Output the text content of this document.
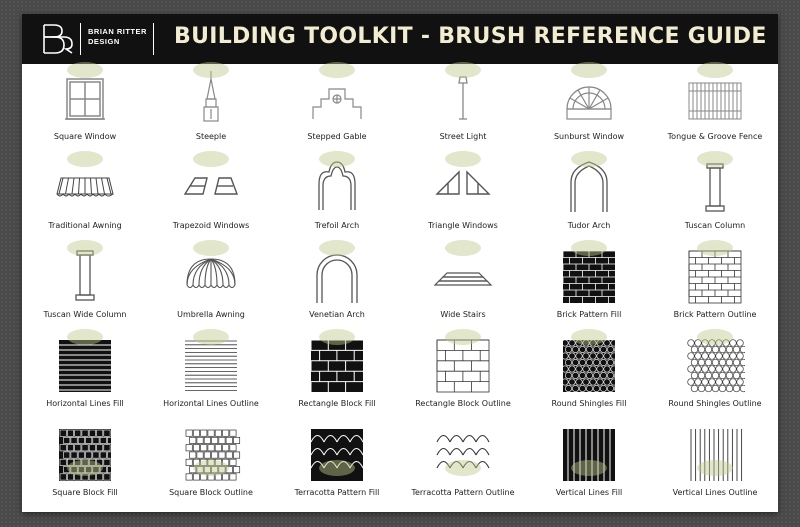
BRIAN RITTER
DESIGN	BUILDING TOOLKIT - BRUSH REFERENCE GUIDE
Square Window	Steeple	Stepped Gable	Street Light	Sunburst Window	Tongue & Groove Fence
Traditional Awning	Trapezoid Windows	Trefoil Arch	Triangle Windows	Tudor Arch	Tuscan Column
Tuscan Wide Column	Umbrella Awning	Venetian Arch	Wide Stairs	Brick Pattern Fill	Brick Pattern Outline
Horizontal Lines Fill	Horizontal Lines Outline	Rectangle Block Fill	Rectangle Block Outline	Round Shingles Fill	Round Shingles Outline
Square Block Fill	Square Block Outline	Terracotta Pattern Fill	Terracotta Pattern Outline	Vertical Lines Fill	Vertical Lines Outline
